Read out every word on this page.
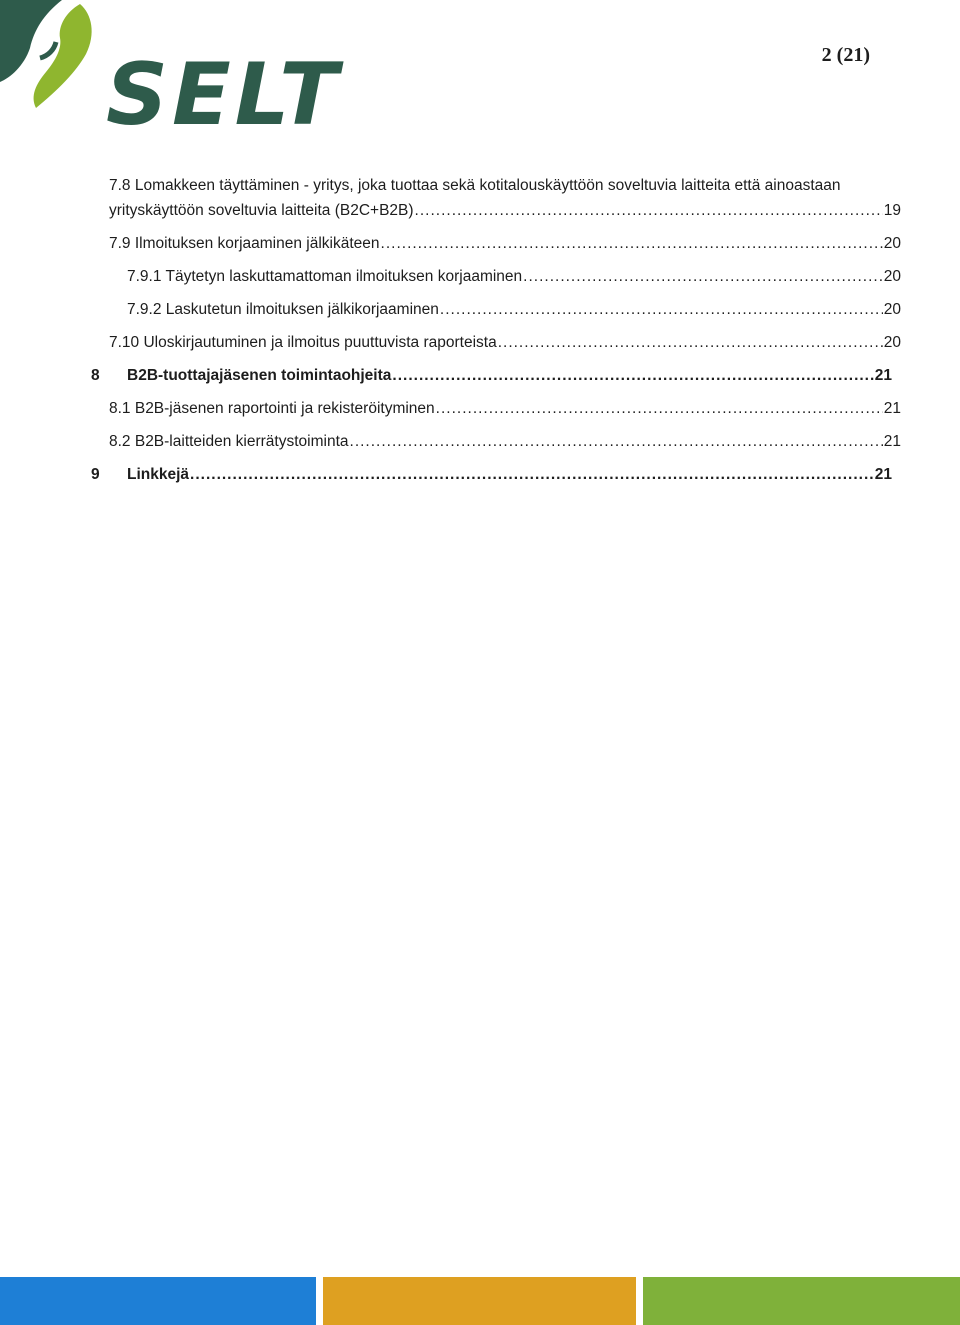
SELT	2 (21)
7.8 Lomakkeen täyttäminen - yritys, joka tuottaa sekä kotitalouskäyttöön soveltuvia laitteita että ainoastaan
yrityskäyttöön soveltuvia laitteita (B2C+B2B) .....	19
7.9 Ilmoituksen korjaaminen jälkikäteen .....	20
7.9.1 Täytetyn laskuttamattoman ilmoituksen korjaaminen .....	20
7.9.2 Laskutetun ilmoituksen jälkikorjaaminen .....	20
7.10 Uloskirjautuminen ja ilmoitus puuttuvista raporteista .....	20
8	B2B-tuottajajäsenen toimintaohjeita .....	21
8.1 B2B-jäsenen raportointi ja rekisteröityminen .....	21
8.2 B2B-laitteiden kierrätystoiminta .....	21
9	Linkkejä .....	21
